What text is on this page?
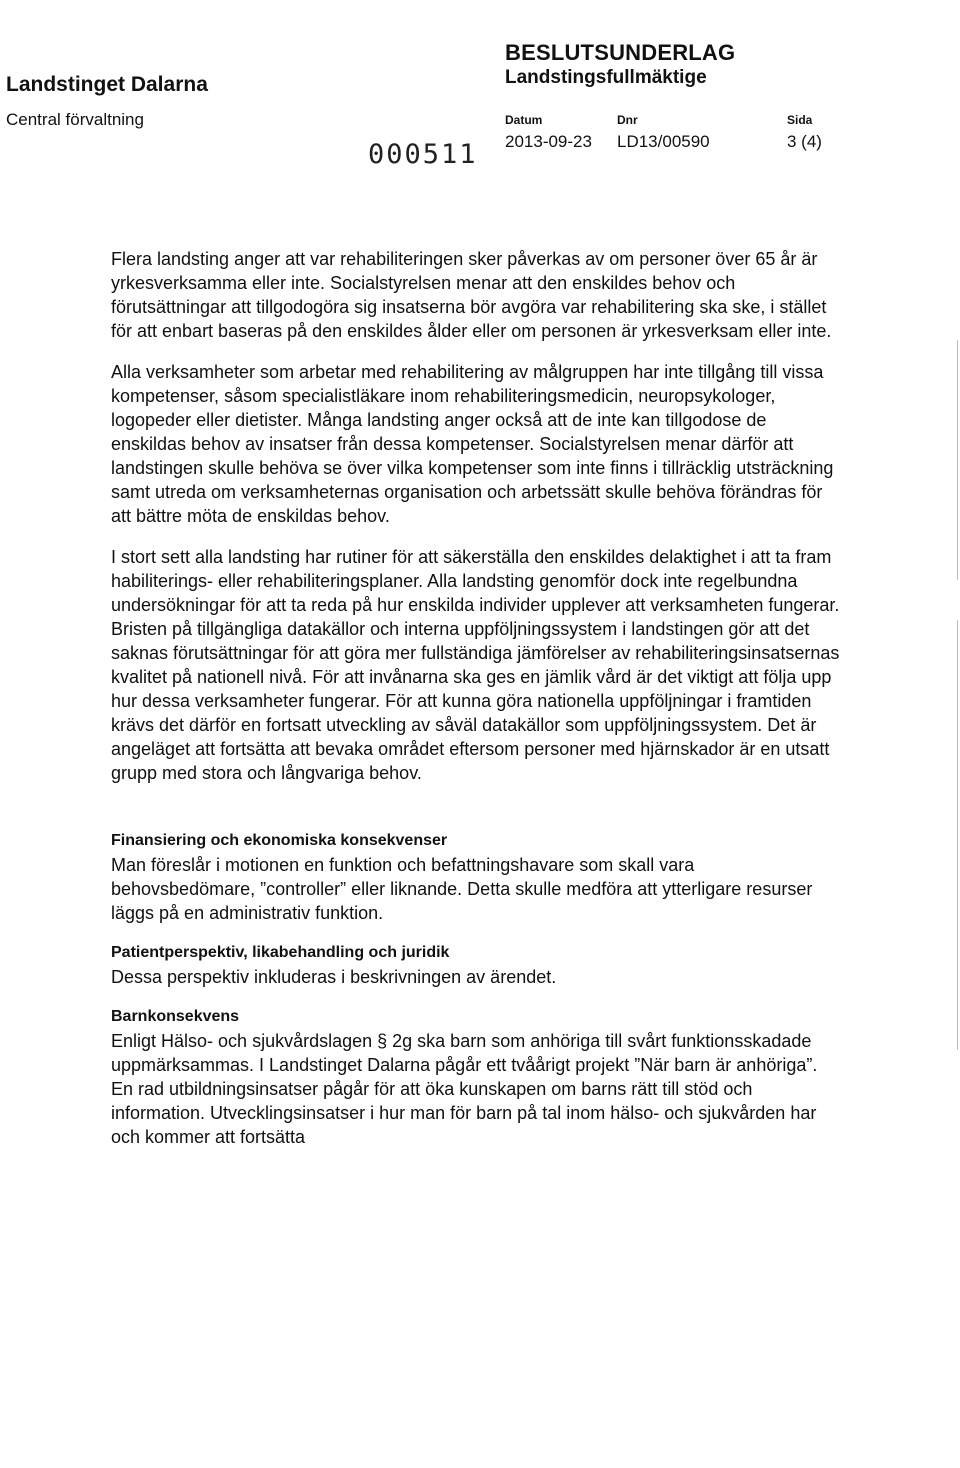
Landstinget Dalarna
Central förvaltning
BESLUTSUNDERLAG
Landstingsfullmäktige
Datum
2013-09-23
Dnr
LD13/00590
Sida
3 (4)
000511

Flera landsting anger att var rehabiliteringen sker påverkas av om personer över 65 år är yrkesverksamma eller inte. Socialstyrelsen menar att den enskildes behov och förutsättningar att tillgodogöra sig insatserna bör avgöra var rehabilitering ska ske, i stället för att enbart baseras på den enskildes ålder eller om personen är yrkesverksam eller inte.

Alla verksamheter som arbetar med rehabilitering av målgruppen har inte tillgång till vissa kompetenser, såsom specialistläkare inom rehabiliteringsmedicin, neuropsykologer, logopeder eller dietister. Många landsting anger också att de inte kan tillgodose de enskildas behov av insatser från dessa kompetenser. Socialstyrelsen menar därför att landstingen skulle behöva se över vilka kompetenser som inte finns i tillräcklig utsträckning samt utreda om verksamheternas organisation och arbetssätt skulle behöva förändras för att bättre möta de enskildas behov.

I stort sett alla landsting har rutiner för att säkerställa den enskildes delaktighet i att ta fram habiliterings- eller rehabiliteringsplaner. Alla landsting genomför dock inte regelbundna undersökningar för att ta reda på hur enskilda individer upplever att verksamheten fungerar. Bristen på tillgängliga datakällor och interna uppföljningssystem i landstingen gör att det saknas förutsättningar för att göra mer fullständiga jämförelser av rehabiliteringsinsatsernas kvalitet på nationell nivå. För att invånarna ska ges en jämlik vård är det viktigt att följa upp hur dessa verksamheter fungerar. För att kunna göra nationella uppföljningar i framtiden krävs det därför en fortsatt utveckling av såväl datakällor som uppföljningssystem. Det är angeläget att fortsätta att bevaka området eftersom personer med hjärnskador är en utsatt grupp med stora och långvariga behov.

Finansiering och ekonomiska konsekvenser

Man föreslår i motionen en funktion och befattningshavare som skall vara behovsbedömare, ”controller” eller liknande. Detta skulle medföra att ytterligare resurser läggs på en administrativ funktion.

Patientperspektiv, likabehandling och juridik

Dessa perspektiv inkluderas i beskrivningen av ärendet.

Barnkonsekvens

Enligt Hälso- och sjukvårdslagen § 2g ska barn som anhöriga till svårt funktionsskadade uppmärksammas. I Landstinget Dalarna pågår ett tvåårigt projekt ”När barn är anhöriga”. En rad utbildningsinsatser pågår för att öka kunskapen om barns rätt till stöd och information. Utvecklingsinsatser i hur man för barn på tal inom hälso- och sjukvården har och kommer att fortsätta
